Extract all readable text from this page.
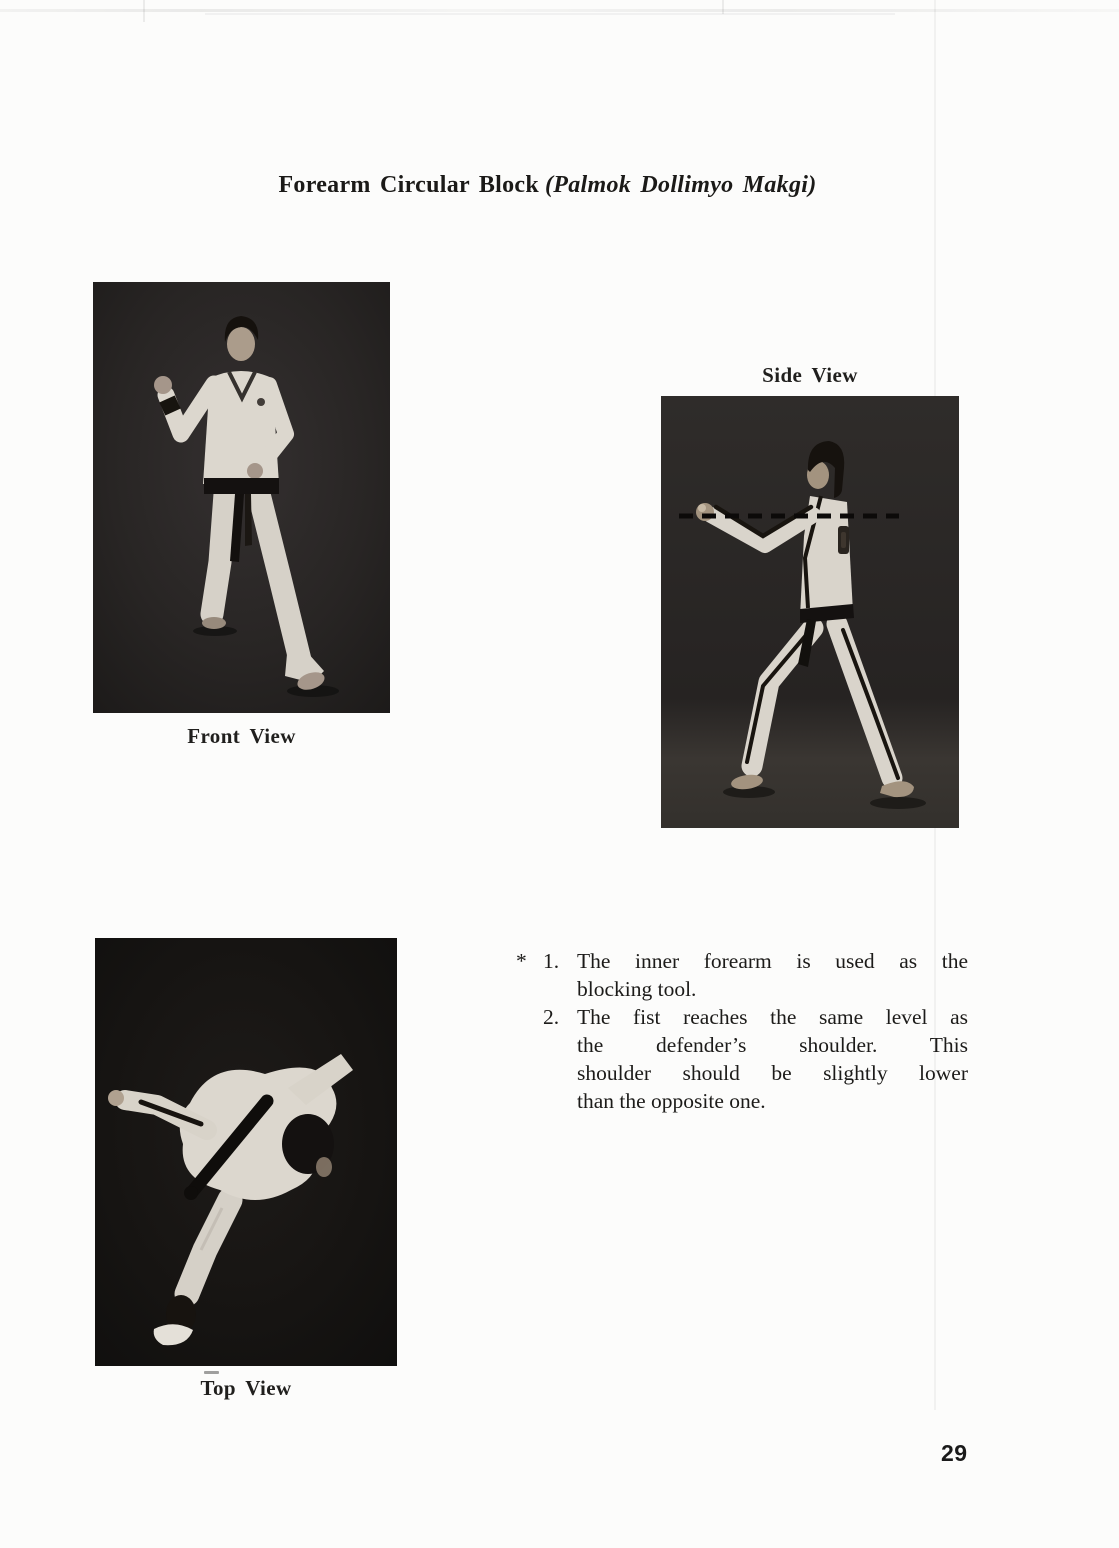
Forearm Circular Block (Palmok Dollimyo Makgi)
Front View
Side View
Top View
* 1. The inner forearm is used as the
blocking tool.
2. The fist reaches the same level as
the defender’s shoulder. This
shoulder should be slightly lower
than the opposite one.
29
